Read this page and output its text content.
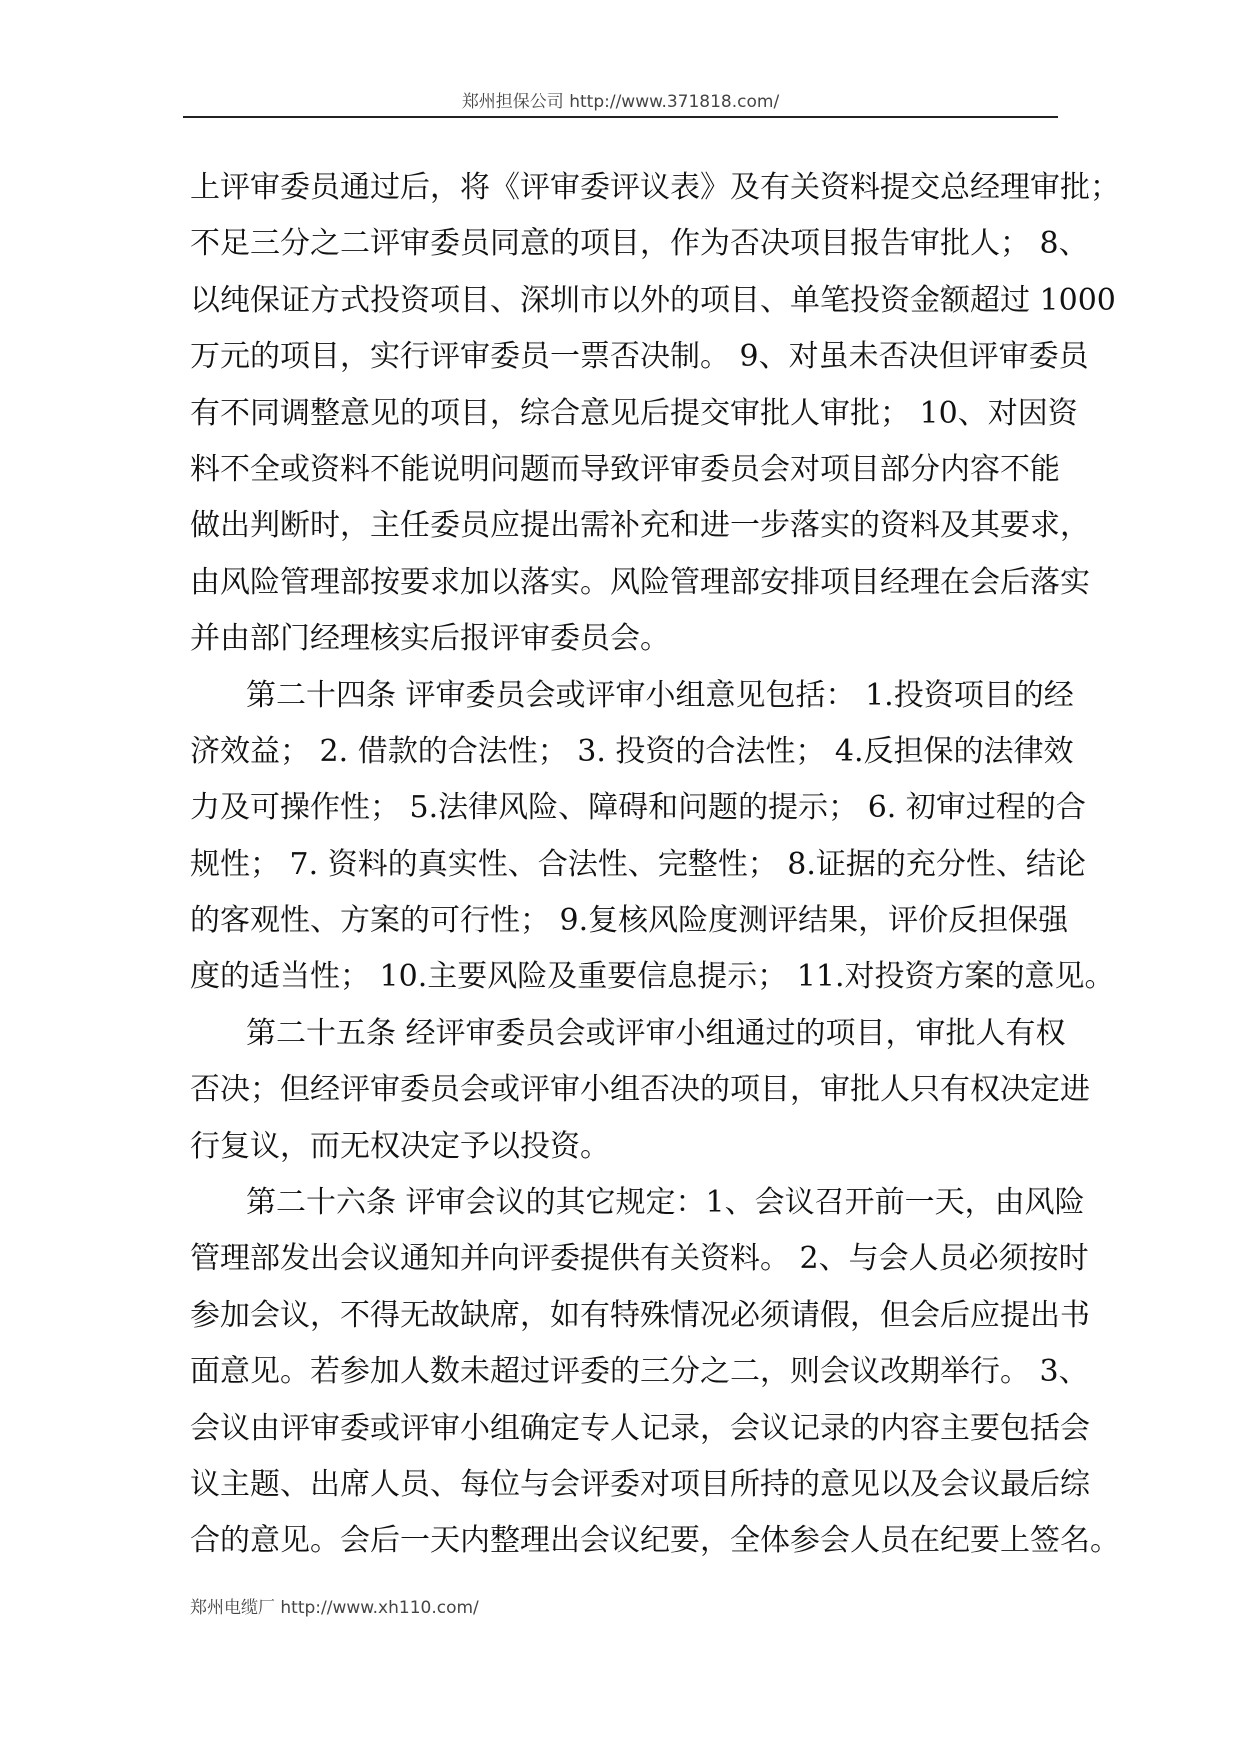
郑州担保公司 http://www.371818.com/
上评审委员通过后，将《评审委评议表》及有关资料提交总经理审批；
不足三分之二评审委员同意的项目，作为否决项目报告审批人； 8、
以纯保证方式投资项目、深圳市以外的项目、单笔投资金额超过 1000
万元的项目，实行评审委员一票否决制。 9、对虽未否决但评审委员
有不同调整意见的项目，综合意见后提交审批人审批； 10、对因资
料不全或资料不能说明问题而导致评审委员会对项目部分内容不能
做出判断时，主任委员应提出需补充和进一步落实的资料及其要求，
由风险管理部按要求加以落实。风险管理部安排项目经理在会后落实
并由部门经理核实后报评审委员会。
第二十四条 评审委员会或评审小组意见包括： 1.投资项目的经
济效益； 2. 借款的合法性； 3. 投资的合法性； 4.反担保的法律效
力及可操作性； 5.法律风险、障碍和问题的提示； 6. 初审过程的合
规性； 7. 资料的真实性、合法性、完整性； 8.证据的充分性、结论
的客观性、方案的可行性； 9.复核风险度测评结果，评价反担保强
度的适当性； 10.主要风险及重要信息提示； 11.对投资方案的意见。
第二十五条 经评审委员会或评审小组通过的项目，审批人有权
否决；但经评审委员会或评审小组否决的项目，审批人只有权决定进
行复议，而无权决定予以投资。
第二十六条 评审会议的其它规定：1、会议召开前一天，由风险
管理部发出会议通知并向评委提供有关资料。 2、与会人员必须按时
参加会议，不得无故缺席，如有特殊情况必须请假，但会后应提出书
面意见。若参加人数未超过评委的三分之二，则会议改期举行。 3、
会议由评审委或评审小组确定专人记录，会议记录的内容主要包括会
议主题、出席人员、每位与会评委对项目所持的意见以及会议最后综
合的意见。会后一天内整理出会议纪要，全体参会人员在纪要上签名。
郑州电缆厂 http://www.xh110.com/
